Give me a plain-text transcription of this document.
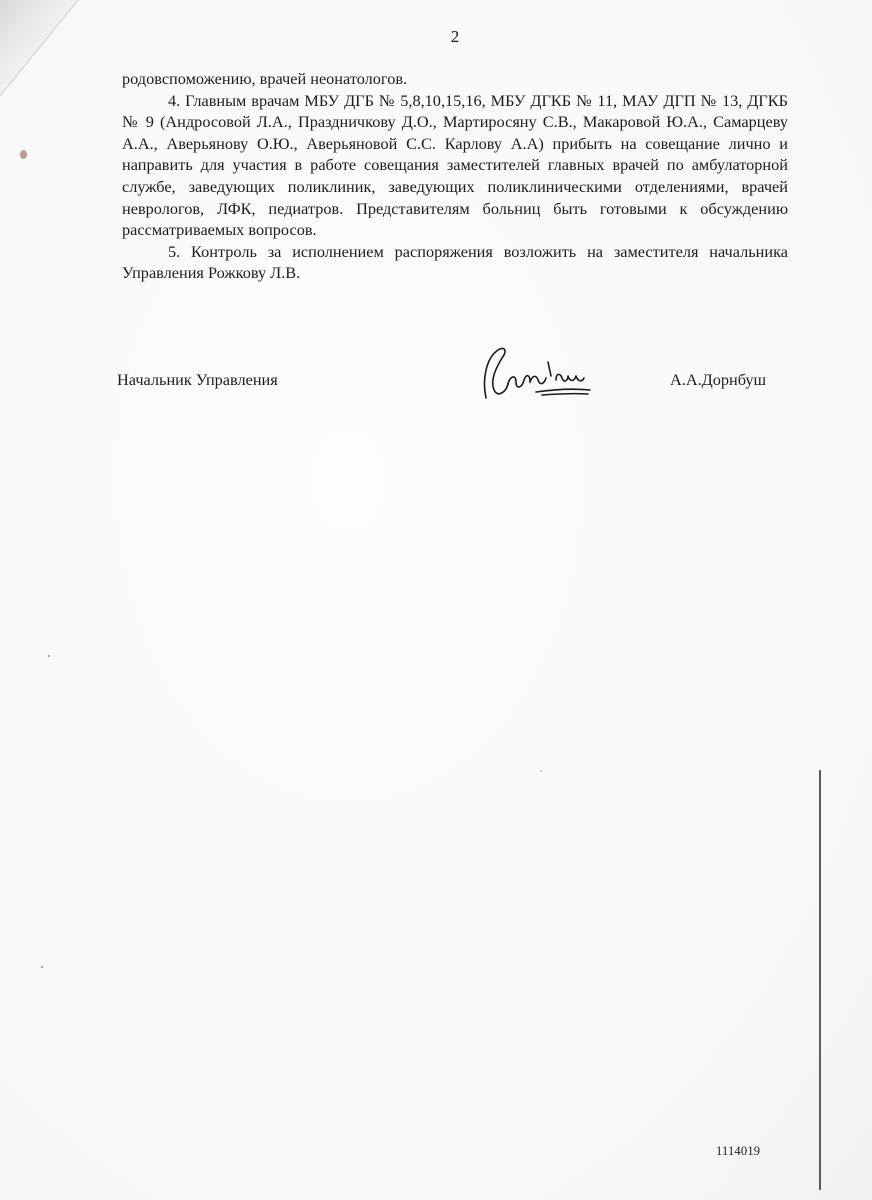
2

родовспоможению, врачей неонатологов.

4. Главным врачам МБУ ДГБ № 5,8,10,15,16, МБУ ДГКБ № 11, МАУ ДГП № 13, ДГКБ № 9 (Андросовой Л.А., Праздничкову Д.О., Мартиросяну С.В., Макаровой Ю.А., Самарцеву А.А., Аверьянову О.Ю., Аверьяновой С.С. Карлову А.А) прибыть на совещание лично и направить для участия в работе совещания заместителей главных врачей по амбулаторной службе, заведующих поликлиник, заведующих поликлиническими отделениями, врачей неврологов, ЛФК, педиатров. Представителям больниц быть готовыми к обсуждению рассматриваемых вопросов.

5. Контроль за исполнением распоряжения возложить на заместителя начальника Управления Рожкову Л.В.

Начальник Управления	А.А.Дорнбуш
1114019
